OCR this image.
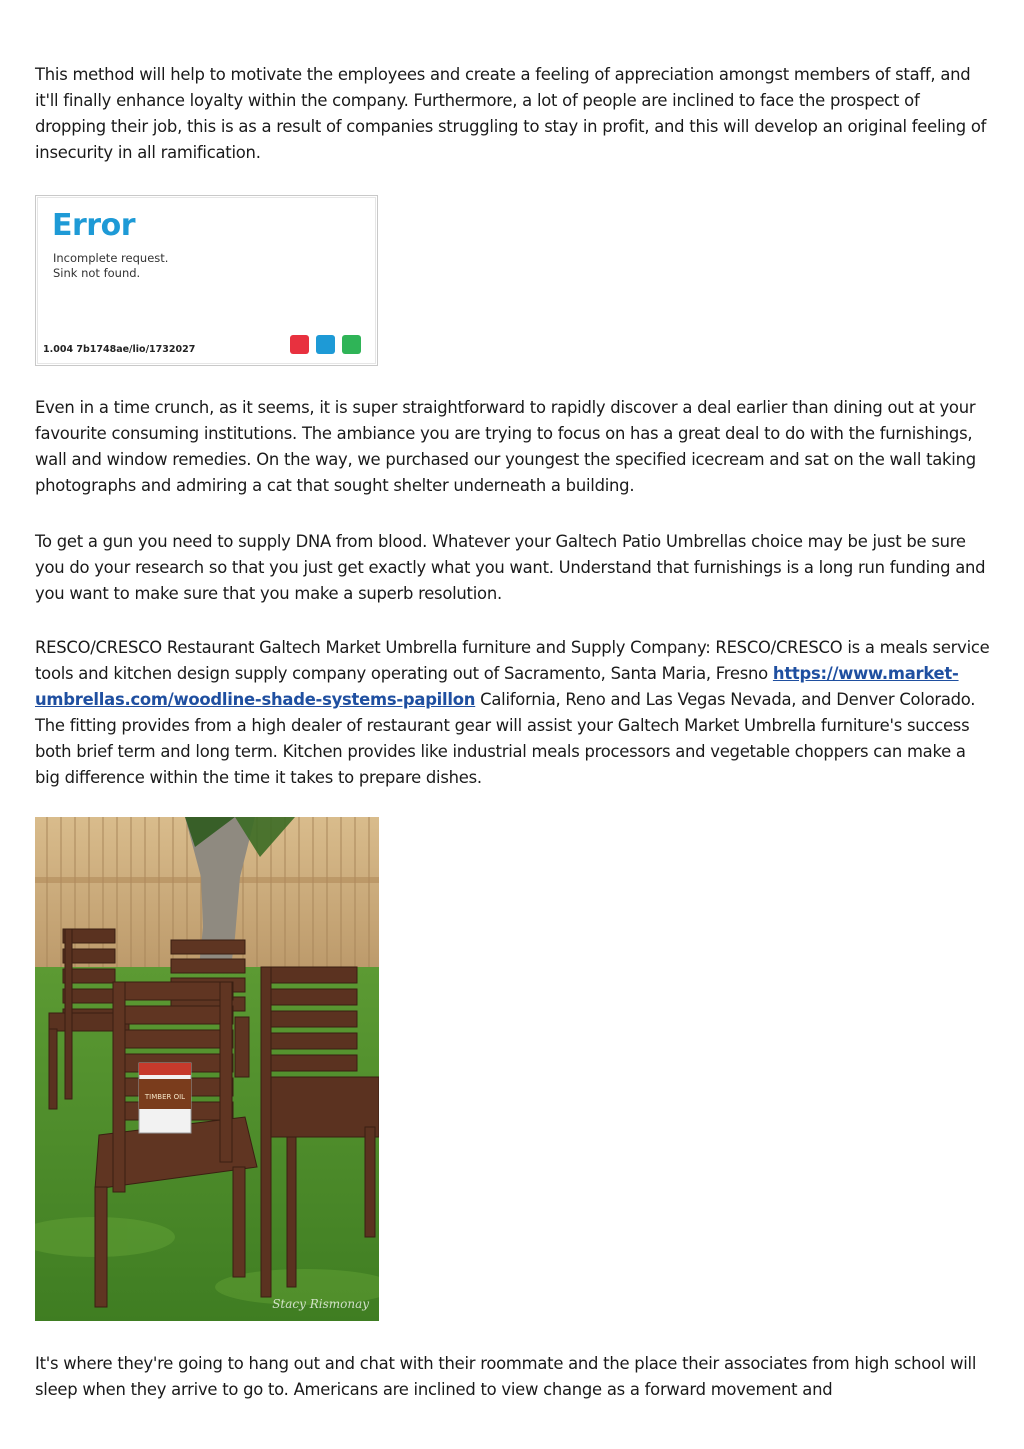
This method will help to motivate the employees and create a feeling of appreciation amongst members of staff, and it'll finally enhance loyalty within the company. Furthermore, a lot of people are inclined to face the prospect of dropping their job, this is as a result of companies struggling to stay in profit, and this will develop an original feeling of insecurity in all ramification.

Error
Incomplete request.
Sink not found.
1.004 7b1748ae/lio/1732027

Even in a time crunch, as it seems, it is super straightforward to rapidly discover a deal earlier than dining out at your favourite consuming institutions. The ambiance you are trying to focus on has a great deal to do with the furnishings, wall and window remedies. On the way, we purchased our youngest the specified icecream and sat on the wall taking photographs and admiring a cat that sought shelter underneath a building.

To get a gun you need to supply DNA from blood. Whatever your Galtech Patio Umbrellas choice may be just be sure you do your research so that you just get exactly what you want. Understand that furnishings is a long run funding and you want to make sure that you make a superb resolution.

RESCO/CRESCO Restaurant Galtech Market Umbrella furniture and Supply Company: RESCO/CRESCO is a meals service tools and kitchen design supply company operating out of Sacramento, Santa Maria, Fresno https://www.market-umbrellas.com/woodline-shade-systems-papillon California, Reno and Las Vegas Nevada, and Denver Colorado. The fitting provides from a high dealer of restaurant gear will assist your Galtech Market Umbrella furniture's success both brief term and long term. Kitchen provides like industrial meals processors and vegetable choppers can make a big difference within the time it takes to prepare dishes.

TIMBER OIL
Stacy Rismonay

It's where they're going to hang out and chat with their roommate and the place their associates from high school will sleep when they arrive to go to. Americans are inclined to view change as a forward movement and
